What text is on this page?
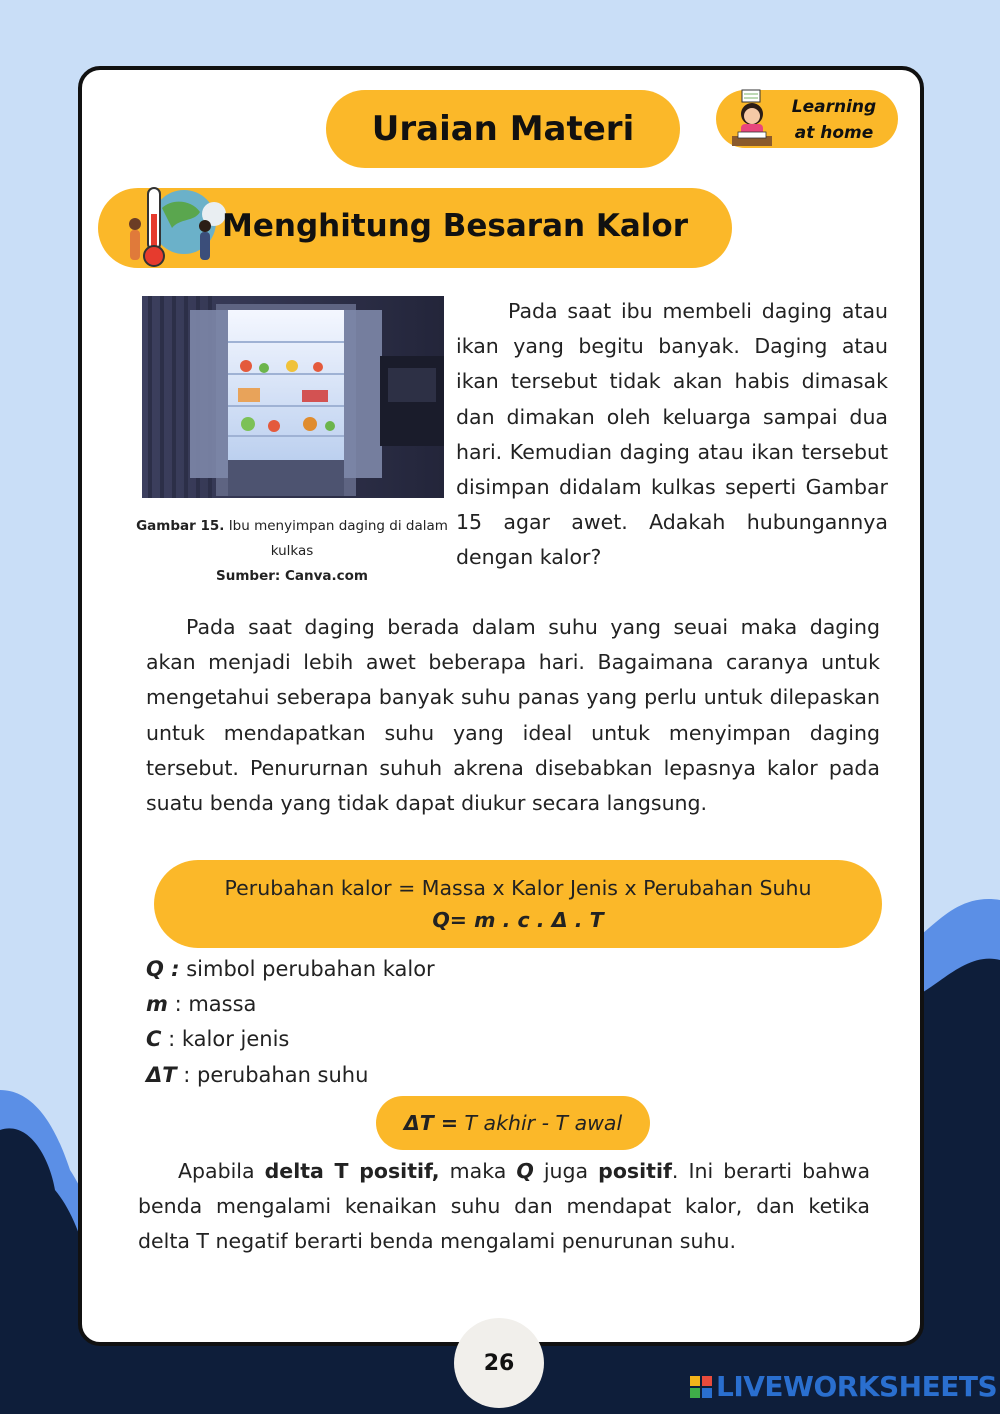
Uraian Materi
Learning
at home
Menghitung Besaran Kalor
Gambar 15. Ibu menyimpan daging di dalam kulkas
Sumber: Canva.com
Pada saat ibu membeli daging atau ikan yang begitu banyak. Daging atau ikan tersebut tidak akan habis dimasak dan dimakan oleh keluarga sampai dua hari. Kemudian daging atau ikan tersebut disimpan didalam kulkas seperti Gambar 15 agar awet. Adakah hubungannya dengan kalor?
Pada saat daging berada dalam suhu yang seuai maka daging akan menjadi lebih awet beberapa hari. Bagaimana caranya untuk mengetahui seberapa banyak suhu panas yang perlu untuk dilepaskan untuk mendapatkan suhu yang ideal untuk menyimpan daging tersebut. Penururnan suhuh akrena disebabkan lepasnya kalor pada suatu benda yang tidak dapat diukur secara langsung.
Perubahan kalor = Massa x Kalor Jenis x Perubahan Suhu
Q= m . c . Δ . T
Q : simbol perubahan kalor
m : massa
C : kalor jenis
ΔT : perubahan suhu
ΔT = T akhir - T awal
Apabila delta T positif, maka Q juga positif. Ini berarti bahwa benda mengalami kenaikan suhu dan mendapat kalor, dan ketika delta T negatif berarti benda mengalami penurunan suhu.
26
LIVEWORKSHEETS
